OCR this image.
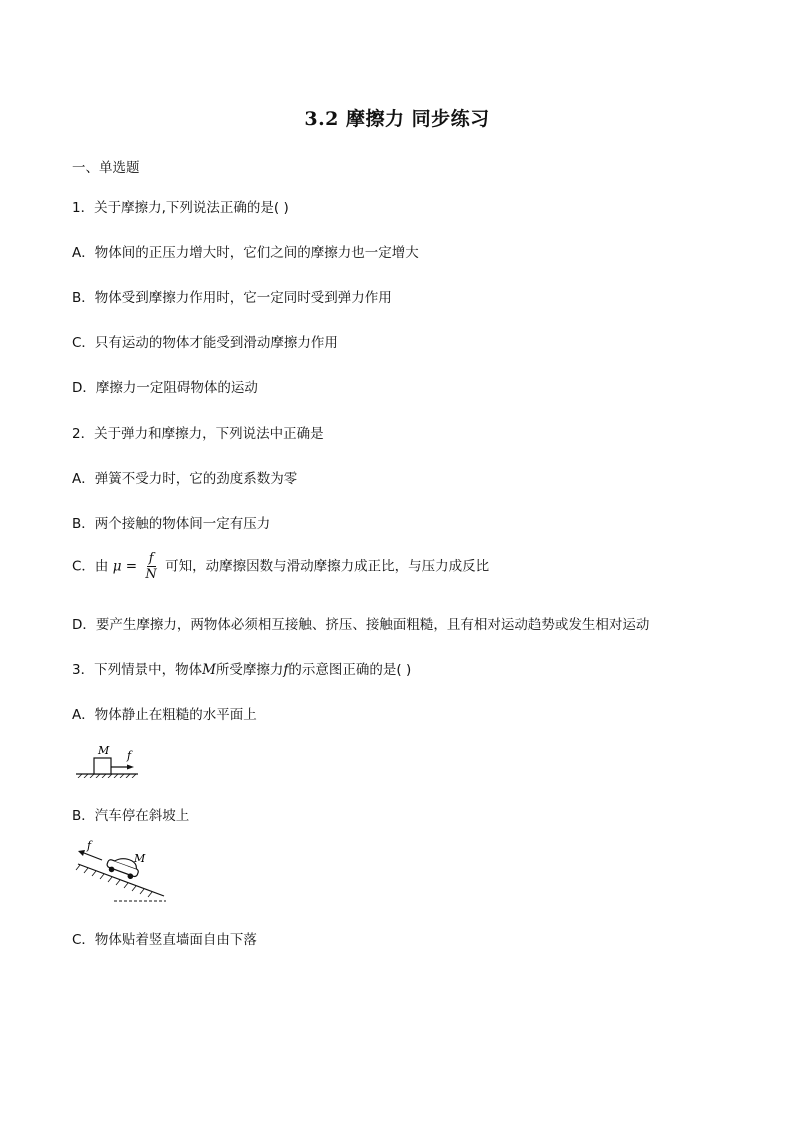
3.2 摩擦力 同步练习
一、单选题
1．关于摩擦力,下列说法正确的是( )
A．物体间的正压力增大时，它们之间的摩擦力也一定增大
B．物体受到摩擦力作用时，它一定同时受到弹力作用
C．只有运动的物体才能受到滑动摩擦力作用
D．摩擦力一定阻碍物体的运动
2．关于弹力和摩擦力，下列说法中正确是
A．弹簧不受力时，它的劲度系数为零
B．两个接触的物体间一定有压力
C．由 $\mu = \frac{f}{N}$ 可知，动摩擦因数与滑动摩擦力成正比，与压力成反比
D．要产生摩擦力，两物体必须相互接触、挤压、接触面粗糙，且有相对运动趋势或发生相对运动
3．下列情景中，物体M所受摩擦力f的示意图正确的是( )
A．物体静止在粗糙的水平面上
M f
B．汽车停在斜坡上
f
M
C．物体贴着竖直墙面自由下落
